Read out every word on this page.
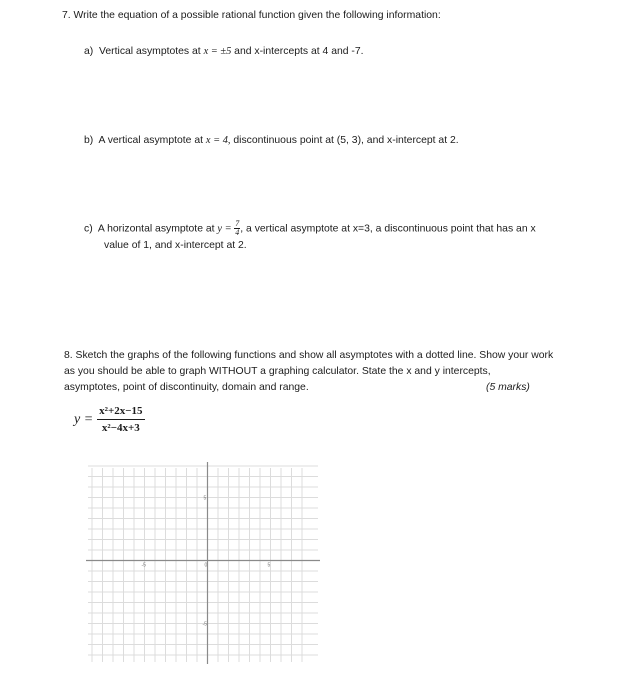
7. Write the equation of a possible rational function given the following information:
a) Vertical asymptotes at x = ±5 and x-intercepts at 4 and -7.
b) A vertical asymptote at x = 4, discontinuous point at (5, 3), and x-intercept at 2.
c) A horizontal asymptote at $y = \frac{7}{4}$ , a vertical asymptote at x=3, a discontinuous point that has an x
value of 1, and x-intercept at 2.
8. Sketch the graphs of the following functions and show all asymptotes with a dotted line. Show your work
as you should be able to graph WITHOUT a graphing calculator. State the x and y intercepts,
asymptotes, point of discontinuity, domain and range.	(5 marks)
$y = \frac{\text{x²+2x−15}}{\text{x²−4x+3}}$
-5	0	5
5
-5
